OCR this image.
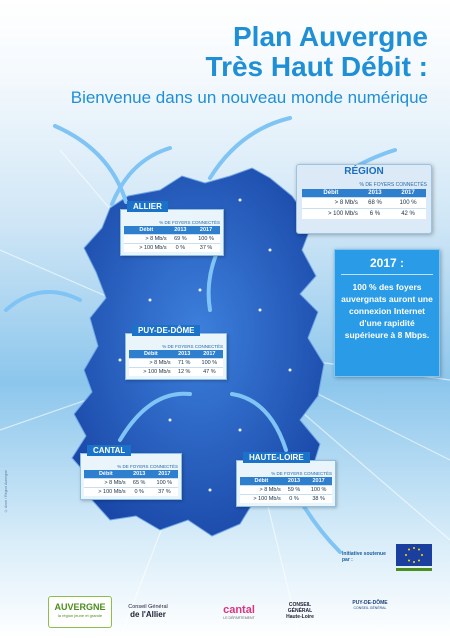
Plan Auvergne
Très Haut Débit :
Bienvenue dans un nouveau monde numérique
RÉGION
% DE FOYERS CONNECTÉS
Débit	2013	2017
> 8 Mb/s	68 %	100 %
> 100 Mb/s	6 %	42 %
2017 :
100 % des foyers auvergnats auront une connexion Internet d'une rapidité supérieure à 8 Mbps.
ALLIER
% DE FOYERS CONNECTÉS
Débit	2013	2017
> 8 Mb/s	69 %	100 %
> 100 Mb/s	0 %	37 %
PUY-DE-DÔME
% DE FOYERS CONNECTÉS
Débit	2013	2017
> 8 Mb/s	71 %	100 %
> 100 Mb/s	12 %	47 %
CANTAL
% DE FOYERS CONNECTÉS
Débit	2013	2017
> 8 Mb/s	65 %	100 %
> 100 Mb/s	0 %	37 %
HAUTE-LOIRE
% DE FOYERS CONNECTÉS
Débit	2013	2017
> 8 Mb/s	59 %	100 %
> 100 Mb/s	0 %	38 %
© Anne / Région Auvergne
Initiative soutenue par :
AUVERGNE
la région jeune et grande
Conseil Général
de l'Allier	cantal
LE DÉPARTEMENT
CONSEIL GÉNÉRAL Haute-Loire
PUY-DE-DÔME
CONSEIL GÉNÉRAL
